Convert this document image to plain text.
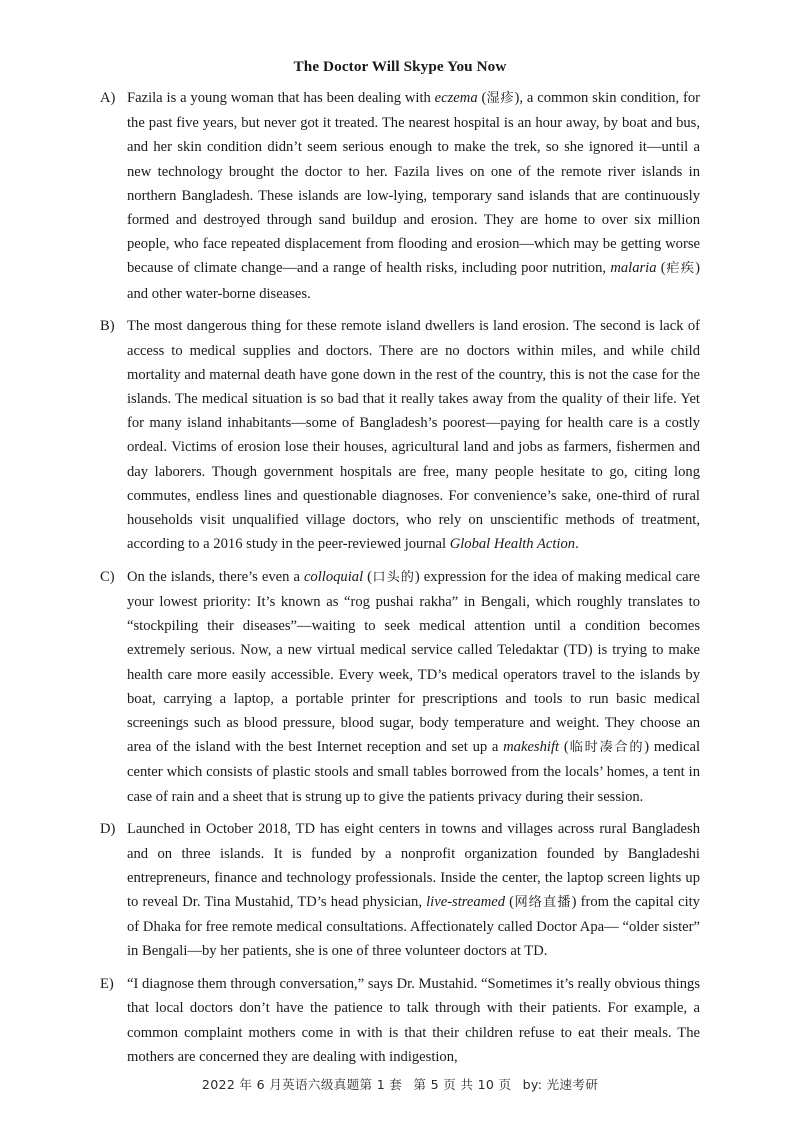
The Doctor Will Skype You Now
A) Fazila is a young woman that has been dealing with eczema (湿疹), a common skin condition, for the past five years, but never got it treated. The nearest hospital is an hour away, by boat and bus, and her skin condition didn’t seem serious enough to make the trek, so she ignored it—until a new technology brought the doctor to her. Fazila lives on one of the remote river islands in northern Bangladesh. These islands are low-lying, temporary sand islands that are continuously formed and destroyed through sand buildup and erosion. They are home to over six million people, who face repeated displacement from flooding and erosion—which may be getting worse because of climate change—and a range of health risks, including poor nutrition, malaria (疟疾) and other water-borne diseases.
B) The most dangerous thing for these remote island dwellers is land erosion. The second is lack of access to medical supplies and doctors. There are no doctors within miles, and while child mortality and maternal death have gone down in the rest of the country, this is not the case for the islands. The medical situation is so bad that it really takes away from the quality of their life. Yet for many island inhabitants—some of Bangladesh’s poorest—paying for health care is a costly ordeal. Victims of erosion lose their houses, agricultural land and jobs as farmers, fishermen and day laborers. Though government hospitals are free, many people hesitate to go, citing long commutes, endless lines and questionable diagnoses. For convenience’s sake, one-third of rural households visit unqualified village doctors, who rely on unscientific methods of treatment, according to a 2016 study in the peer-reviewed journal Global Health Action.
C) On the islands, there’s even a colloquial (口头的) expression for the idea of making medical care your lowest priority: It’s known as “rog pushai rakha” in Bengali, which roughly translates to “stockpiling their diseases”—waiting to seek medical attention until a condition becomes extremely serious. Now, a new virtual medical service called Teledaktar (TD) is trying to make health care more easily accessible. Every week, TD’s medical operators travel to the islands by boat, carrying a laptop, a portable printer for prescriptions and tools to run basic medical screenings such as blood pressure, blood sugar, body temperature and weight. They choose an area of the island with the best Internet reception and set up a makeshift (临时凑合的) medical center which consists of plastic stools and small tables borrowed from the locals’ homes, a tent in case of rain and a sheet that is strung up to give the patients privacy during their session.
D) Launched in October 2018, TD has eight centers in towns and villages across rural Bangladesh and on three islands. It is funded by a nonprofit organization founded by Bangladeshi entrepreneurs, finance and technology professionals. Inside the center, the laptop screen lights up to reveal Dr. Tina Mustahid, TD’s head physician, live-streamed (网络直播) from the capital city of Dhaka for free remote medical consultations. Affectionately called Doctor Apa— “older sister” in Bengali—by her patients, she is one of three volunteer doctors at TD.
E) “I diagnose them through conversation,” says Dr. Mustahid. “Sometimes it’s really obvious things that local doctors don’t have the patience to talk through with their patients. For example, a common complaint mothers come in with is that their children refuse to eat their meals. The mothers are concerned they are dealing with indigestion,
2022 年 6 月英语六级真题第 1 套 第 5 页 共 10 页 by: 光速考研
